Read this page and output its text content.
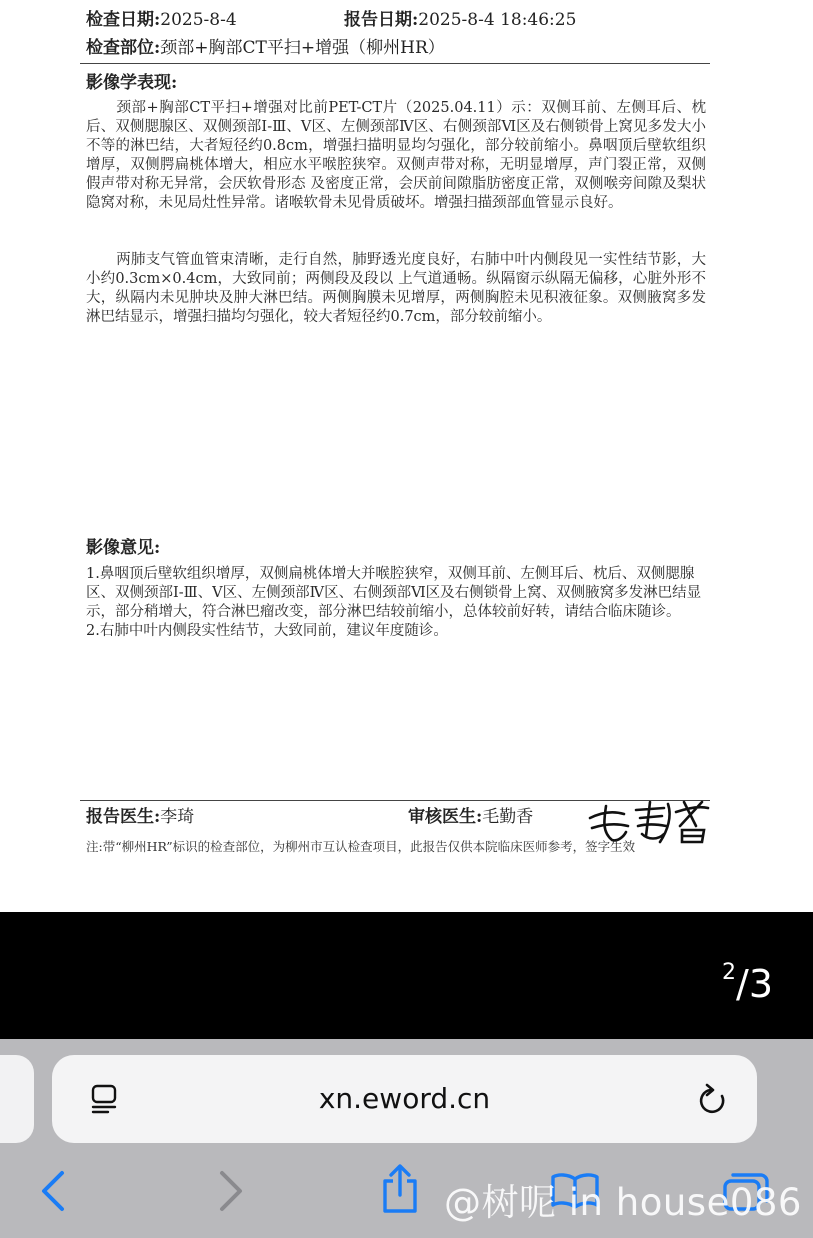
检查日期:2025-8-4	报告日期:2025-8-4 18:46:25
检查部位:颈部+胸部CT平扫+增强（柳州HR）
影像学表现:
颈部+胸部CT平扫+增强对比前PET-CT片（2025.04.11）示：双侧耳前、左侧耳后、枕后、双侧腮腺区、双侧颈部Ⅰ-Ⅲ、Ⅴ区、左侧颈部Ⅳ区、右侧颈部Ⅵ区及右侧锁骨上窝见多发大小不等的淋巴结，大者短径约0.8cm，增强扫描明显均匀强化，部分较前缩小。鼻咽顶后壁软组织增厚，双侧腭扁桃体增大，相应水平喉腔狭窄。双侧声带对称，无明显增厚，声门裂正常，双侧假声带对称无异常，会厌软骨形态 及密度正常，会厌前间隙脂肪密度正常，双侧喉旁间隙及梨状隐窝对称，未见局灶性异常。诸喉软骨未见骨质破坏。增强扫描颈部血管显示良好。
两肺支气管血管束清晰，走行自然，肺野透光度良好，右肺中叶内侧段见一实性结节影，大小约0.3cm×0.4cm，大致同前；两侧段及段以 上气道通畅。纵隔窗示纵隔无偏移，心脏外形不大，纵隔内未见肿块及肿大淋巴结。两侧胸膜未见增厚，两侧胸腔未见积液征象。双侧腋窝多发淋巴结显示，增强扫描均匀强化，较大者短径约0.7cm，部分较前缩小。
影像意见:

1.鼻咽顶后壁软组织增厚，双侧扁桃体增大并喉腔狭窄，双侧耳前、左侧耳后、枕后、双侧腮腺区、双侧颈部Ⅰ-Ⅲ、Ⅴ区、左侧颈部Ⅳ区、右侧颈部Ⅵ区及右侧锁骨上窝、双侧腋窝多发淋巴结显示，部分稍增大，符合淋巴瘤改变，部分淋巴结较前缩小，总体较前好转，请结合临床随诊。

2.右肺中叶内侧段实性结节，大致同前，建议年度随诊。

报告医生:李琦	审核医生:毛勤香
注:带“柳州HR”标识的检查部位，为柳州市互认检查项目，此报告仅供本院临床医师参考，签字生效
$^2$/3
xn.eword.cn
@树呢 in house086
